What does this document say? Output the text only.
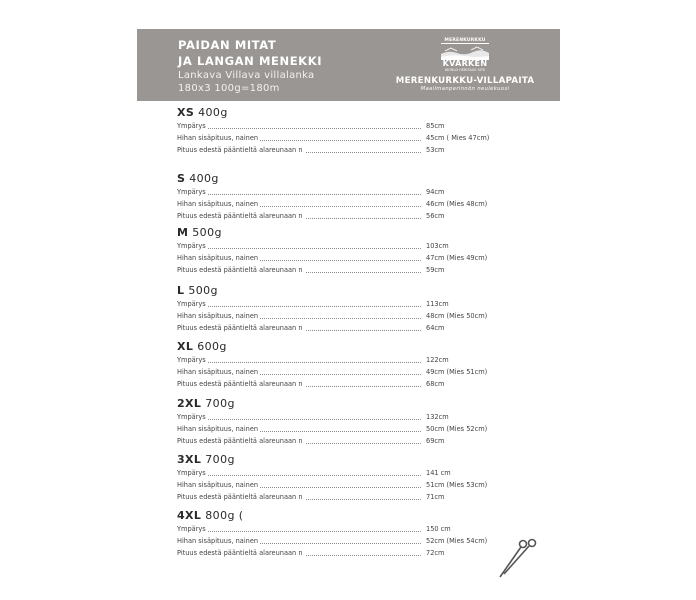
PAIDAN MITAT
JA LANGAN MENEKKI
Lankava Villava villalanka
180x3 100g=180m
MERENKURKKU
KVARKEN
WORLD HERITAGE SITE
MERENKURKKU-VILLAPAITA
Maailmanperinnön neulekuosi
XS 400g
Ympärys	85cm
Hihan sisäpituus, nainen	45cm ( Mies 47cm)
Pituus edestä pääntieltä alareunaan n	53cm
S 400g
Ympärys	94cm
Hihan sisäpituus, nainen	46cm (Mies 48cm)
Pituus edestä pääntieltä alareunaan n	56cm
M 500g
Ympärys	103cm
Hihan sisäpituus, nainen	47cm (Mies 49cm)
Pituus edestä pääntieltä alareunaan n	59cm
L 500g
Ympärys	113cm
Hihan sisäpituus, nainen	48cm (Mies 50cm)
Pituus edestä pääntieltä alareunaan n	64cm
XL 600g
Ympärys	122cm
Hihan sisäpituus, nainen	49cm (Mies 51cm)
Pituus edestä pääntieltä alareunaan n	68cm
2XL 700g
Ympärys	132cm
Hihan sisäpituus, nainen	50cm (Mies 52cm)
Pituus edestä pääntieltä alareunaan n	69cm
3XL 700g
Ympärys	141 cm
Hihan sisäpituus, nainen	51cm (Mies 53cm)
Pituus edestä pääntieltä alareunaan n	71cm
4XL 800g (
Ympärys	150 cm
Hihan sisäpituus, nainen	52cm (Mies 54cm)
Pituus edestä pääntieltä alareunaan n	72cm
